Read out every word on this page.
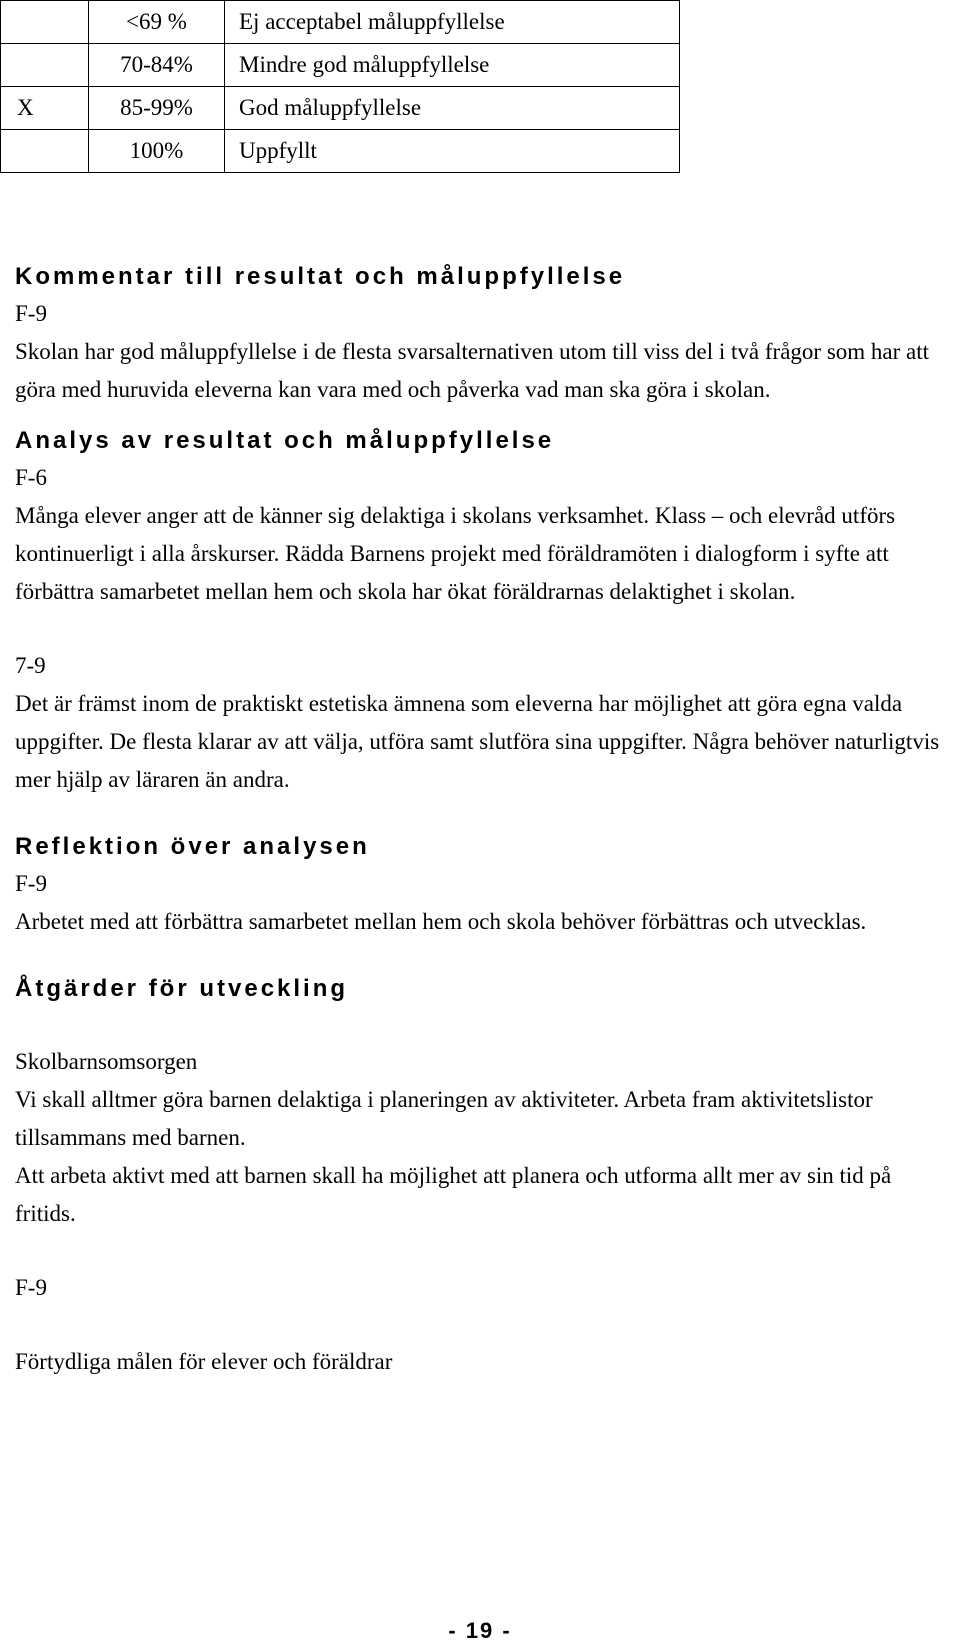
	<69 %	Ej acceptabel måluppfyllelse
	70-84%	Mindre god måluppfyllelse
X	85-99%	God måluppfyllelse
	100%	Uppfyllt
Kommentar till resultat och måluppfyllelse

F-9

Skolan har god måluppfyllelse i de flesta svarsalternativen utom till viss del i två frågor som har att göra med huruvida eleverna kan vara med och påverka vad man ska göra i skolan.

Analys av resultat och måluppfyllelse

F-6

Många elever anger att de känner sig delaktiga i skolans verksamhet. Klass – och elevråd utförs kontinuerligt i alla årskurser. Rädda Barnens projekt med föräldramöten i dialogform i syfte att förbättra samarbetet mellan hem och skola har ökat föräldrarnas delaktighet i skolan.

7-9

Det är främst inom de praktiskt estetiska ämnena som eleverna har möjlighet att göra egna valda uppgifter. De flesta klarar av att välja, utföra samt slutföra sina uppgifter. Några behöver naturligtvis mer hjälp av läraren än andra.

Reflektion över analysen

F-9

Arbetet med att förbättra samarbetet mellan hem och skola behöver förbättras och utvecklas.

Åtgärder för utveckling

Skolbarnsomsorgen

Vi skall alltmer göra barnen delaktiga i planeringen av aktiviteter. Arbeta fram aktivitetslistor tillsammans med barnen.

Att arbeta aktivt med att barnen skall ha möjlighet att planera och utforma allt mer av sin tid på fritids.

F-9

Förtydliga målen för elever och föräldrar

- 19 -
